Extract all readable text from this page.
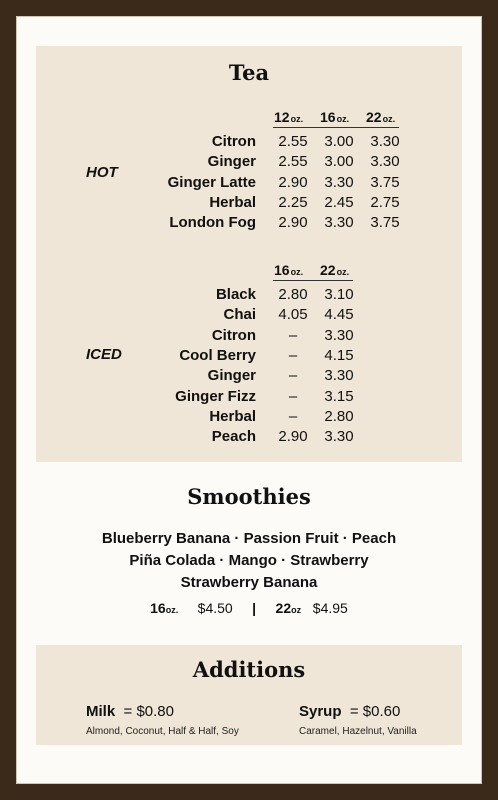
Tea
12oz. 16oz. 22oz.
HOT
Citron	2.55	3.00	3.30
Ginger	2.55	3.00	3.30
Ginger Latte	2.90	3.30	3.75
Herbal	2.25	2.45	2.75
London Fog	2.90	3.30	3.75
16oz. 22oz.
ICED
Black	2.80	3.10
Chai	4.05	4.45
Citron	–	3.30
Cool Berry	–	4.15
Ginger	–	3.30
Ginger Fizz	–	3.15
Herbal	–	2.80
Peach	2.90	3.30
Smoothies
Blueberry Banana · Passion Fruit · Peach
Piña Colada · Mango · Strawberry
Strawberry Banana
16oz. $4.50 | 22oz $4.95
Additions
Milk = $0.80
Almond, Coconut, Half & Half, Soy
Syrup = $0.60
Caramel, Hazelnut, Vanilla
